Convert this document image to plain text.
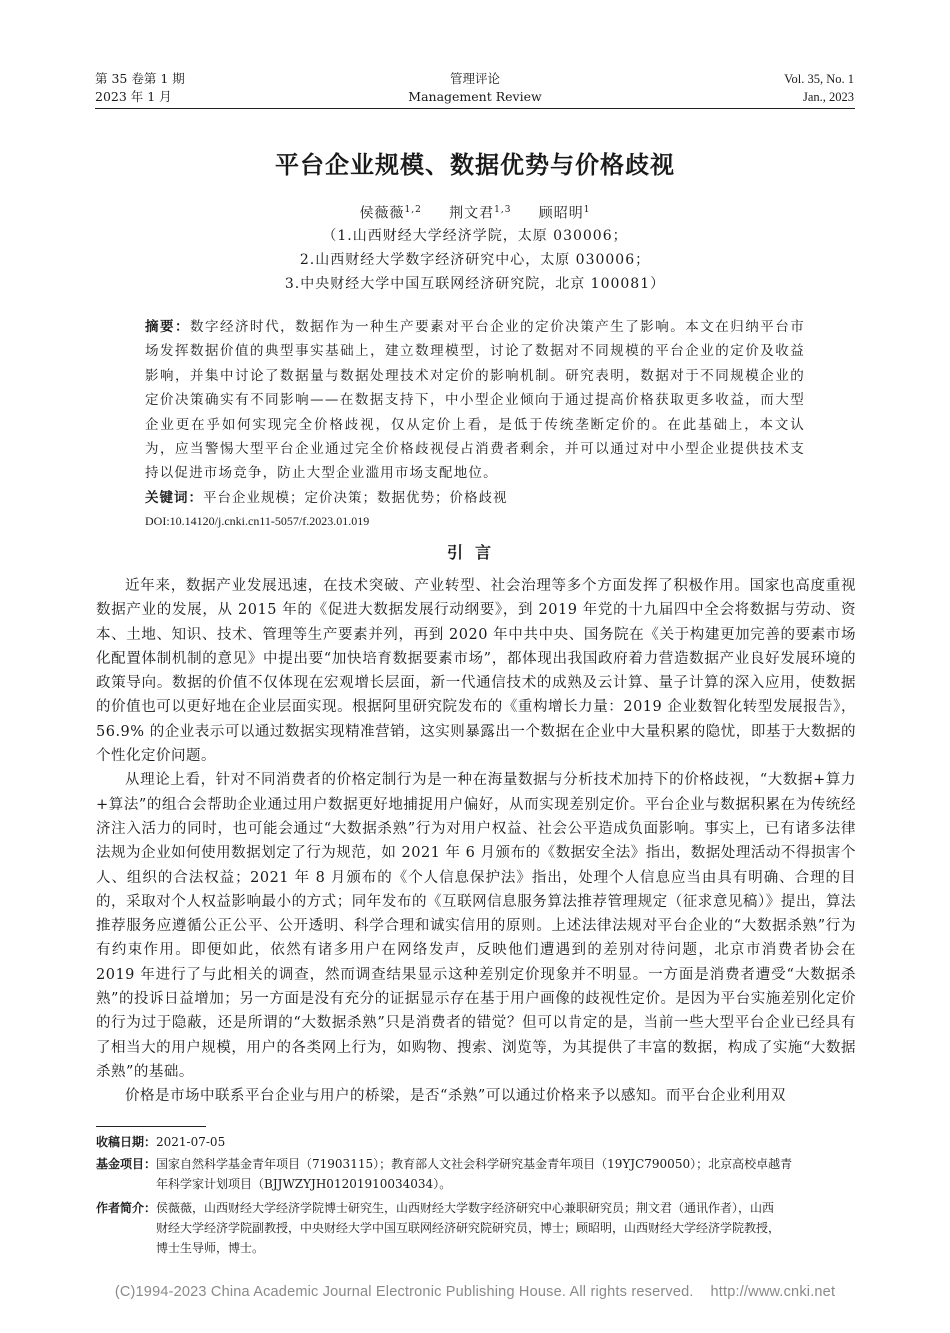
第 35 卷第 1 期
2023 年 1 月
管理评论
Management Review
Vol. 35, No. 1
Jan., 2023
平台企业规模、数据优势与价格歧视
侯薇薇$^{1,2}$ 荆文君$^{1,3}$ 顾昭明$^1$
（1.山西财经大学经济学院，太原 030006；
2.山西财经大学数字经济研究中心，太原 030006；
3.中央财经大学中国互联网经济研究院，北京 100081）
摘要：数字经济时代，数据作为一种生产要素对平台企业的定价决策产生了影响。本文在归纳平台市场发挥数据价值的典型事实基础上，建立数理模型，讨论了数据对不同规模的平台企业的定价及收益影响，并集中讨论了数据量与数据处理技术对定价的影响机制。研究表明，数据对于不同规模企业的定价决策确实有不同影响——在数据支持下，中小型企业倾向于通过提高价格获取更多收益，而大型企业更在乎如何实现完全价格歧视，仅从定价上看，是低于传统垄断定价的。在此基础上，本文认为，应当警惕大型平台企业通过完全价格歧视侵占消费者剩余，并可以通过对中小型企业提供技术支持以促进市场竞争，防止大型企业滥用市场支配地位。
关键词：平台企业规模；定价决策；数据优势；价格歧视
DOI:10.14120/j.cnki.cn11-5057/f.2023.01.019
引言

近年来，数据产业发展迅速，在技术突破、产业转型、社会治理等多个方面发挥了积极作用。国家也高度重视数据产业的发展，从 2015 年的《促进大数据发展行动纲要》，到 2019 年党的十九届四中全会将数据与劳动、资本、土地、知识、技术、管理等生产要素并列，再到 2020 年中共中央、国务院在《关于构建更加完善的要素市场化配置体制机制的意见》中提出要“加快培育数据要素市场”，都体现出我国政府着力营造数据产业良好发展环境的政策导向。数据的价值不仅体现在宏观增长层面，新一代通信技术的成熟及云计算、量子计算的深入应用，使数据的价值也可以更好地在企业层面实现。根据阿里研究院发布的《重构增长力量：2019 企业数智化转型发展报告》，56.9% 的企业表示可以通过数据实现精准营销，这实则暴露出一个数据在企业中大量积累的隐忧，即基于大数据的个性化定价问题。

从理论上看，针对不同消费者的价格定制行为是一种在海量数据与分析技术加持下的价格歧视，“大数据+算力+算法”的组合会帮助企业通过用户数据更好地捕捉用户偏好，从而实现差别定价。平台企业与数据积累在为传统经济注入活力的同时，也可能会通过“大数据杀熟”行为对用户权益、社会公平造成负面影响。事实上，已有诸多法律法规为企业如何使用数据划定了行为规范，如 2021 年 6 月颁布的《数据安全法》指出，数据处理活动不得损害个人、组织的合法权益；2021 年 8 月颁布的《个人信息保护法》指出，处理个人信息应当由具有明确、合理的目的，采取对个人权益影响最小的方式；同年发布的《互联网信息服务算法推荐管理规定（征求意见稿）》提出，算法推荐服务应遵循公正公平、公开透明、科学合理和诚实信用的原则。上述法律法规对平台企业的“大数据杀熟”行为有约束作用。即便如此，依然有诸多用户在网络发声，反映他们遭遇到的差别对待问题，北京市消费者协会在 2019 年进行了与此相关的调查，然而调查结果显示这种差别定价现象并不明显。一方面是消费者遭受“大数据杀熟”的投诉日益增加；另一方面是没有充分的证据显示存在基于用户画像的歧视性定价。是因为平台实施差别化定价的行为过于隐蔽，还是所谓的“大数据杀熟”只是消费者的错觉？但可以肯定的是，当前一些大型平台企业已经具有了相当大的用户规模，用户的各类网上行为，如购物、搜索、浏览等，为其提供了丰富的数据，构成了实施“大数据杀熟”的基础。

价格是市场中联系平台企业与用户的桥梁，是否“杀熟”可以通过价格来予以感知。而平台企业利用双

收稿日期：2021-07-05
基金项目：国家自然科学基金青年项目（71903115）；教育部人文社会科学研究基金青年项目（19YJC790050）；北京高校卓越青
年科学家计划项目（BJJWZYJH01201910034034）。
作者简介：侯薇薇，山西财经大学经济学院博士研究生，山西财经大学数字经济研究中心兼职研究员；荆文君（通讯作者），山西
财经大学经济学院副教授，中央财经大学中国互联网经济研究院研究员，博士；顾昭明，山西财经大学经济学院教授，
博士生导师，博士。
(C)1994-2023 China Academic Journal Electronic Publishing House. All rights reserved.    http://www.cnki.net
